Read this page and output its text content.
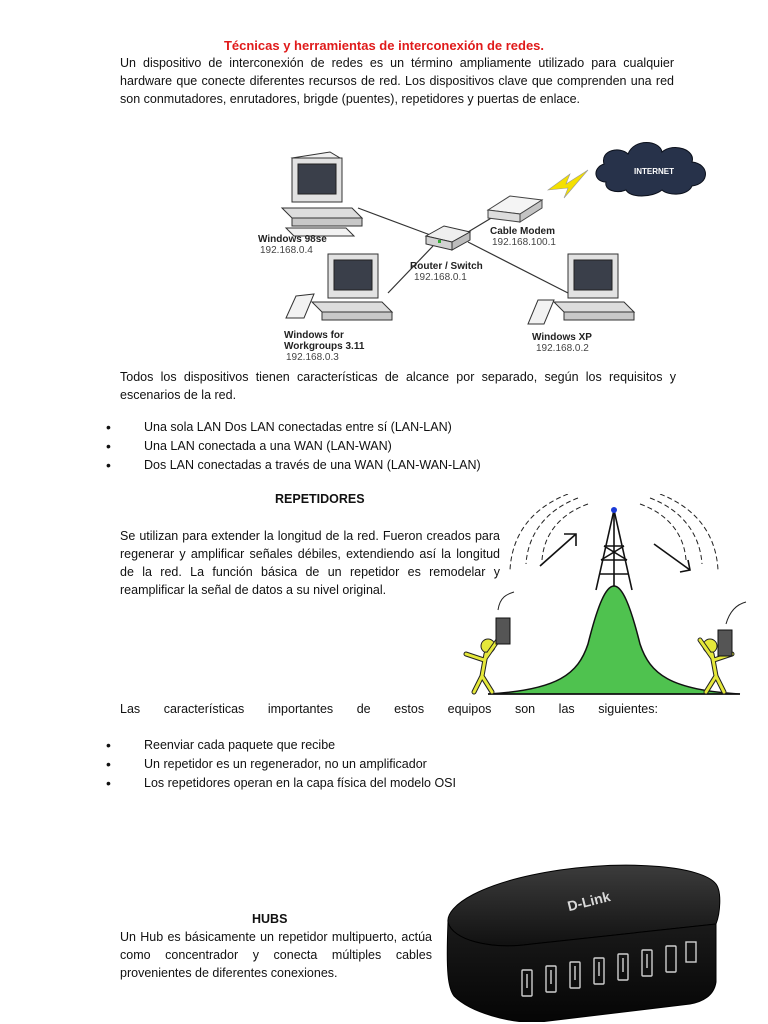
Técnicas y herramientas de interconexión de redes.
Un dispositivo de interconexión de redes es un término ampliamente utilizado para cualquier hardware que conecte diferentes recursos de red. Los dispositivos clave que comprenden una red son conmutadores, enrutadores, brigde (puentes), repetidores y puertas de enlace.
INTERNET
Cable Modem
192.168.100.1
Router / Switch
192.168.0.1
Windows 98se
192.168.0.4
Windows for
Workgroups 3.11
192.168.0.3
Windows XP
192.168.0.2
Todos los dispositivos tienen características de alcance por separado, según los requisitos y escenarios de la red.
• Una sola LAN Dos LAN conectadas entre sí (LAN-LAN)
• Una LAN conectada a una WAN (LAN-WAN)
• Dos LAN conectadas a través de una WAN (LAN-WAN-LAN)
REPETIDORES
Se utilizan para extender la longitud de la red. Fueron creados para regenerar y amplificar señales débiles, extendiendo así la longitud de la red. La función básica de un repetidor es remodelar y reamplificar la señal de datos a su nivel original.
Las características importantes de estos equipos son las siguientes:
• Reenviar cada paquete que recibe
• Un repetidor es un regenerador, no un amplificador
• Los repetidores operan en la capa física del modelo OSI
HUBS
Un Hub es básicamente un repetidor multipuerto, actúa como concentrador y conecta múltiples cables provenientes de diferentes conexiones.
D-Link
